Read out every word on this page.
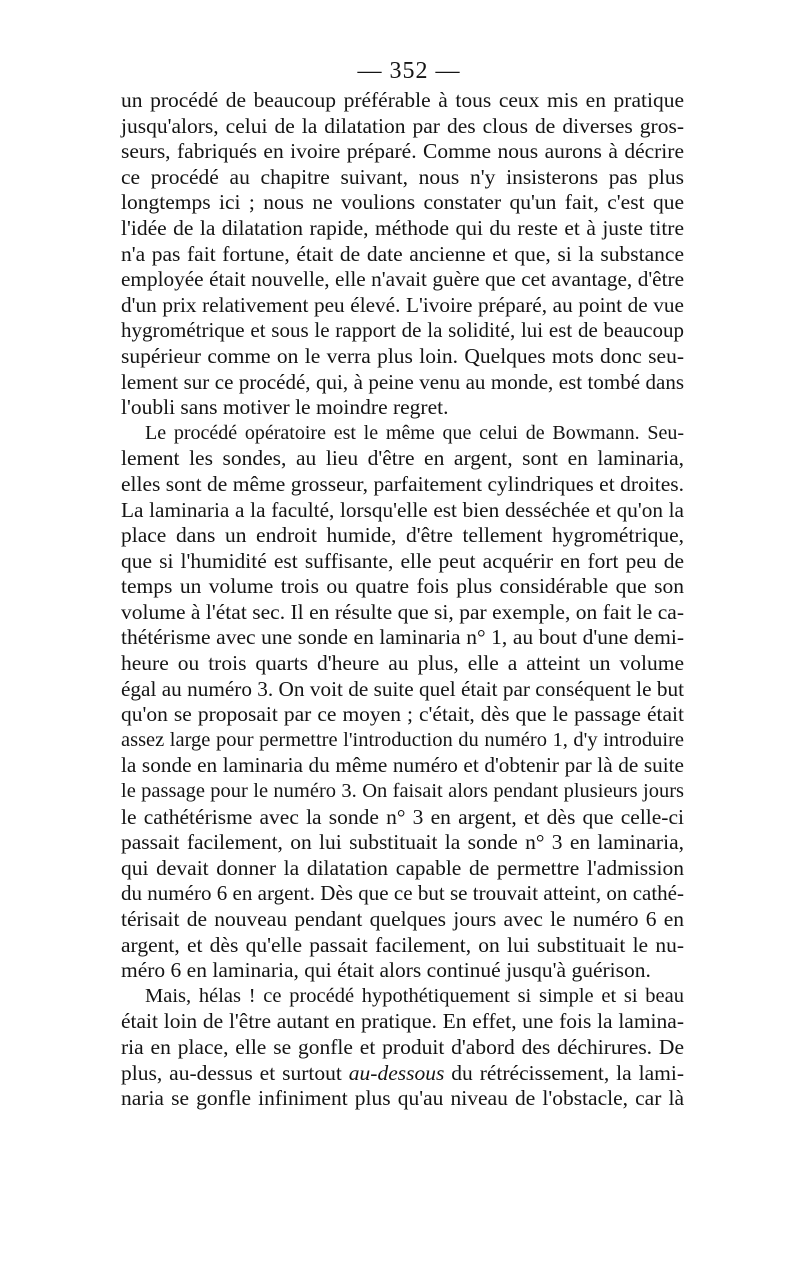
— 352 —
un procédé de beaucoup préférable à tous ceux mis en pratique
jusqu'alors, celui de la dilatation par des clous de diverses gros-
seurs, fabriqués en ivoire préparé. Comme nous aurons à décrire
ce procédé au chapitre suivant, nous n'y insisterons pas plus
longtemps ici ; nous ne voulions constater qu'un fait, c'est que
l'idée de la dilatation rapide, méthode qui du reste et à juste titre
n'a pas fait fortune, était de date ancienne et que, si la substance
employée était nouvelle, elle n'avait guère que cet avantage, d'être
d'un prix relativement peu élevé. L'ivoire préparé, au point de vue
hygrométrique et sous le rapport de la solidité, lui est de beaucoup
supérieur comme on le verra plus loin. Quelques mots donc seu-
lement sur ce procédé, qui, à peine venu au monde, est tombé dans
l'oubli sans motiver le moindre regret.
Le procédé opératoire est le même que celui de Bowmann. Seu-
lement les sondes, au lieu d'être en argent, sont en laminaria,
elles sont de même grosseur, parfaitement cylindriques et droites.
La laminaria a la faculté, lorsqu'elle est bien desséchée et qu'on la
place dans un endroit humide, d'être tellement hygrométrique,
que si l'humidité est suffisante, elle peut acquérir en fort peu de
temps un volume trois ou quatre fois plus considérable que son
volume à l'état sec. Il en résulte que si, par exemple, on fait le ca-
thétérisme avec une sonde en laminaria n° 1, au bout d'une demi-
heure ou trois quarts d'heure au plus, elle a atteint un volume
égal au numéro 3. On voit de suite quel était par conséquent le but
qu'on se proposait par ce moyen ; c'était, dès que le passage était
assez large pour permettre l'introduction du numéro 1, d'y introduire
la sonde en laminaria du même numéro et d'obtenir par là de suite
le passage pour le numéro 3. On faisait alors pendant plusieurs jours
le cathétérisme avec la sonde n° 3 en argent, et dès que celle-ci
passait facilement, on lui substituait la sonde n° 3 en laminaria,
qui devait donner la dilatation capable de permettre l'admission
du numéro 6 en argent. Dès que ce but se trouvait atteint, on cathé-
térisait de nouveau pendant quelques jours avec le numéro 6 en
argent, et dès qu'elle passait facilement, on lui substituait le nu-
méro 6 en laminaria, qui était alors continué jusqu'à guérison.
Mais, hélas ! ce procédé hypothétiquement si simple et si beau
était loin de l'être autant en pratique. En effet, une fois la lamina-
ria en place, elle se gonfle et produit d'abord des déchirures. De
plus, au-dessus et surtout au-dessous du rétrécissement, la lami-
naria se gonfle infiniment plus qu'au niveau de l'obstacle, car là
